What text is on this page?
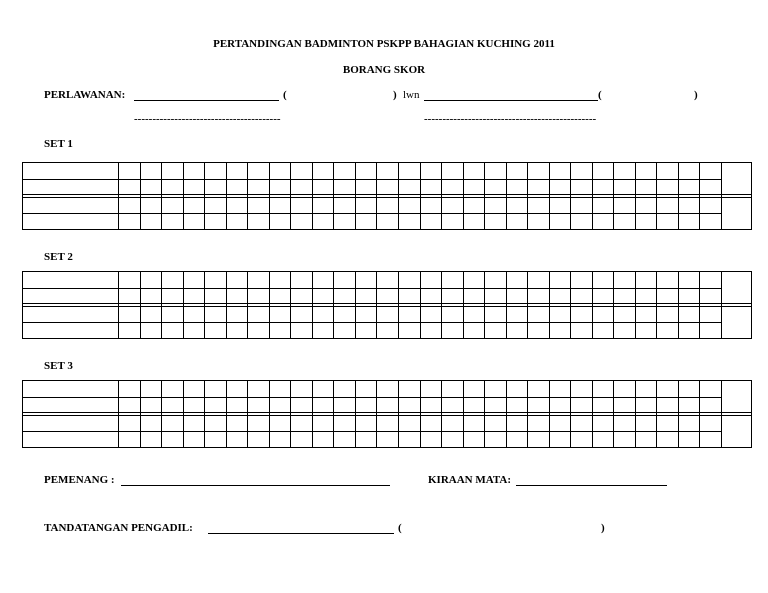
PERTANDINGAN BADMINTON PSKPP BAHAGIAN KUCHING 2011
BORANG SKOR
PERLAWANAN:	(	) lwn	(	)
----------------------------------------	-----------------------------------------------
SET 1
SET 2
SET 3
PEMENANG :	KIRAAN MATA:
TANDATANGAN PENGADIL:	(	)
